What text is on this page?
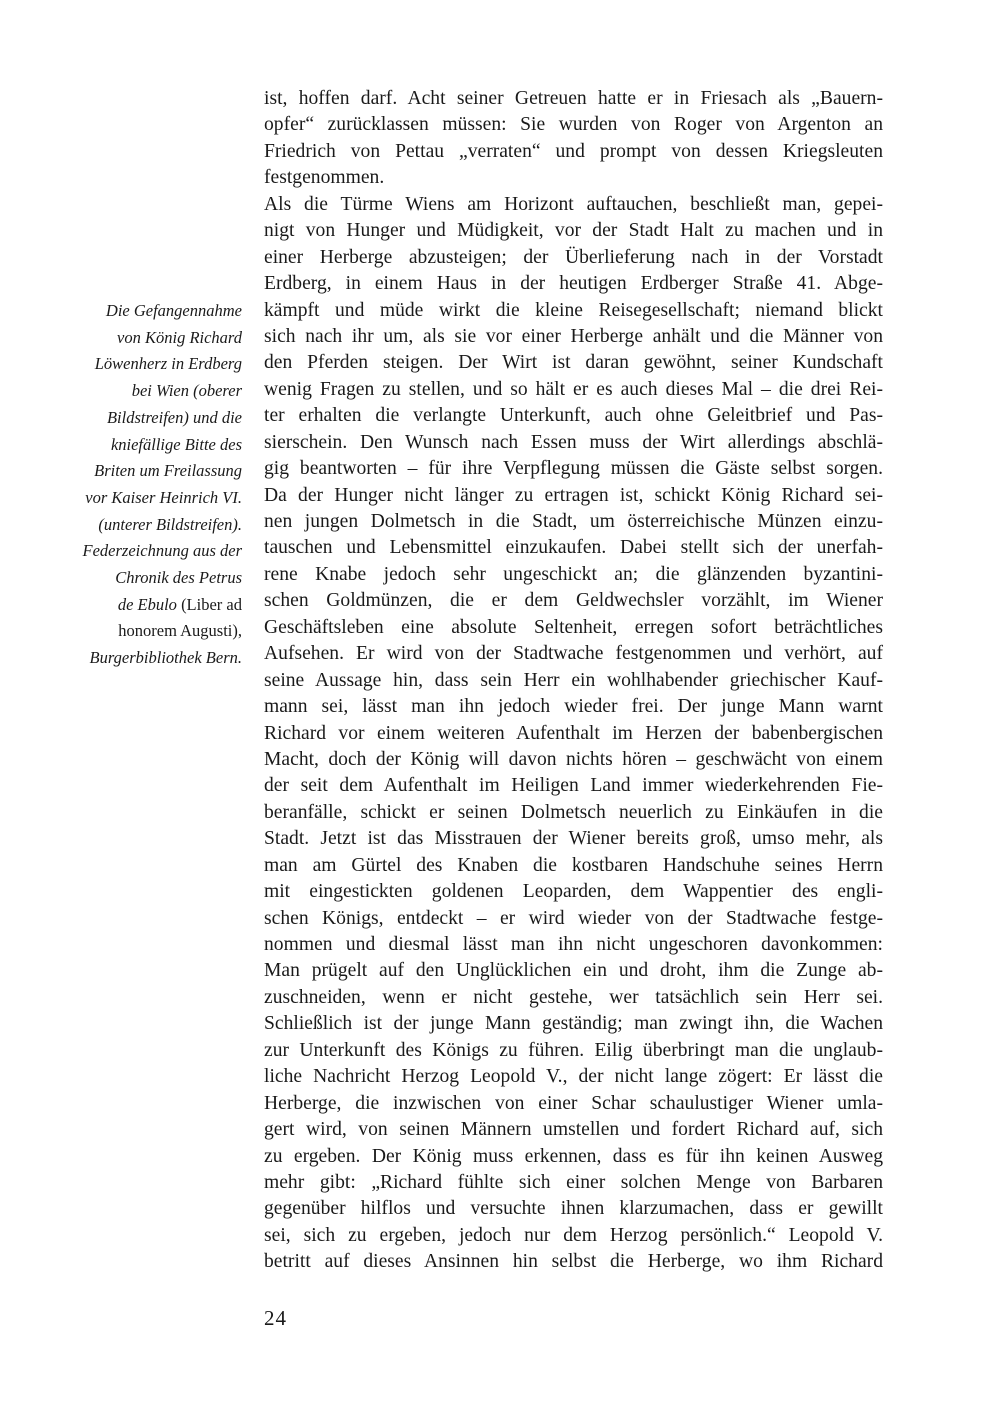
Die Gefangennahme
von König Richard
Löwenherz in Erdberg
bei Wien (oberer
Bildstreifen) und die
kniefällige Bitte des
Briten um Freilassung
vor Kaiser Heinrich VI.
(unterer Bildstreifen).
Federzeichnung aus der
Chronik des Petrus
de Ebulo (Liber ad
honorem Augusti),
Burgerbibliothek Bern.
ist, hoffen darf. Acht seiner Getreuen hatte er in Friesach als „Bauern-
opfer“ zurücklassen müssen: Sie wurden von Roger von Argenton an
Friedrich von Pettau „verraten“ und prompt von dessen Kriegsleuten
festgenommen.
Als die Türme Wiens am Horizont auftauchen, beschließt man, gepei-
nigt von Hunger und Müdigkeit, vor der Stadt Halt zu machen und in
einer Herberge abzusteigen; der Überlieferung nach in der Vorstadt
Erdberg, in einem Haus in der heutigen Erdberger Straße 41. Abge-
kämpft und müde wirkt die kleine Reisegesellschaft; niemand blickt
sich nach ihr um, als sie vor einer Herberge anhält und die Männer von
den Pferden steigen. Der Wirt ist daran gewöhnt, seiner Kundschaft
wenig Fragen zu stellen, und so hält er es auch dieses Mal – die drei Rei-
ter erhalten die verlangte Unterkunft, auch ohne Geleitbrief und Pas-
sierschein. Den Wunsch nach Essen muss der Wirt allerdings abschlä-
gig beantworten – für ihre Verpflegung müssen die Gäste selbst sorgen.
Da der Hunger nicht länger zu ertragen ist, schickt König Richard sei-
nen jungen Dolmetsch in die Stadt, um österreichische Münzen einzu-
tauschen und Lebensmittel einzukaufen. Dabei stellt sich der unerfah-
rene Knabe jedoch sehr ungeschickt an; die glänzenden byzantini-
schen Goldmünzen, die er dem Geldwechsler vorzählt, im Wiener
Geschäftsleben eine absolute Seltenheit, erregen sofort beträchtliches
Aufsehen. Er wird von der Stadtwache festgenommen und verhört, auf
seine Aussage hin, dass sein Herr ein wohlhabender griechischer Kauf-
mann sei, lässt man ihn jedoch wieder frei. Der junge Mann warnt
Richard vor einem weiteren Aufenthalt im Herzen der babenbergischen
Macht, doch der König will davon nichts hören – geschwächt von einem
der seit dem Aufenthalt im Heiligen Land immer wiederkehrenden Fie-
beranfälle, schickt er seinen Dolmetsch neuerlich zu Einkäufen in die
Stadt. Jetzt ist das Misstrauen der Wiener bereits groß, umso mehr, als
man am Gürtel des Knaben die kostbaren Handschuhe seines Herrn
mit eingestickten goldenen Leoparden, dem Wappentier des engli-
schen Königs, entdeckt – er wird wieder von der Stadtwache festge-
nommen und diesmal lässt man ihn nicht ungeschoren davonkommen:
Man prügelt auf den Unglücklichen ein und droht, ihm die Zunge ab-
zuschneiden, wenn er nicht gestehe, wer tatsächlich sein Herr sei.
Schließlich ist der junge Mann geständig; man zwingt ihn, die Wachen
zur Unterkunft des Königs zu führen. Eilig überbringt man die unglaub-
liche Nachricht Herzog Leopold V., der nicht lange zögert: Er lässt die
Herberge, die inzwischen von einer Schar schaulustiger Wiener umla-
gert wird, von seinen Männern umstellen und fordert Richard auf, sich
zu ergeben. Der König muss erkennen, dass es für ihn keinen Ausweg
mehr gibt: „Richard fühlte sich einer solchen Menge von Barbaren
gegenüber hilflos und versuchte ihnen klarzumachen, dass er gewillt
sei, sich zu ergeben, jedoch nur dem Herzog persönlich.“ Leopold V.
betritt auf dieses Ansinnen hin selbst die Herberge, wo ihm Richard
24
